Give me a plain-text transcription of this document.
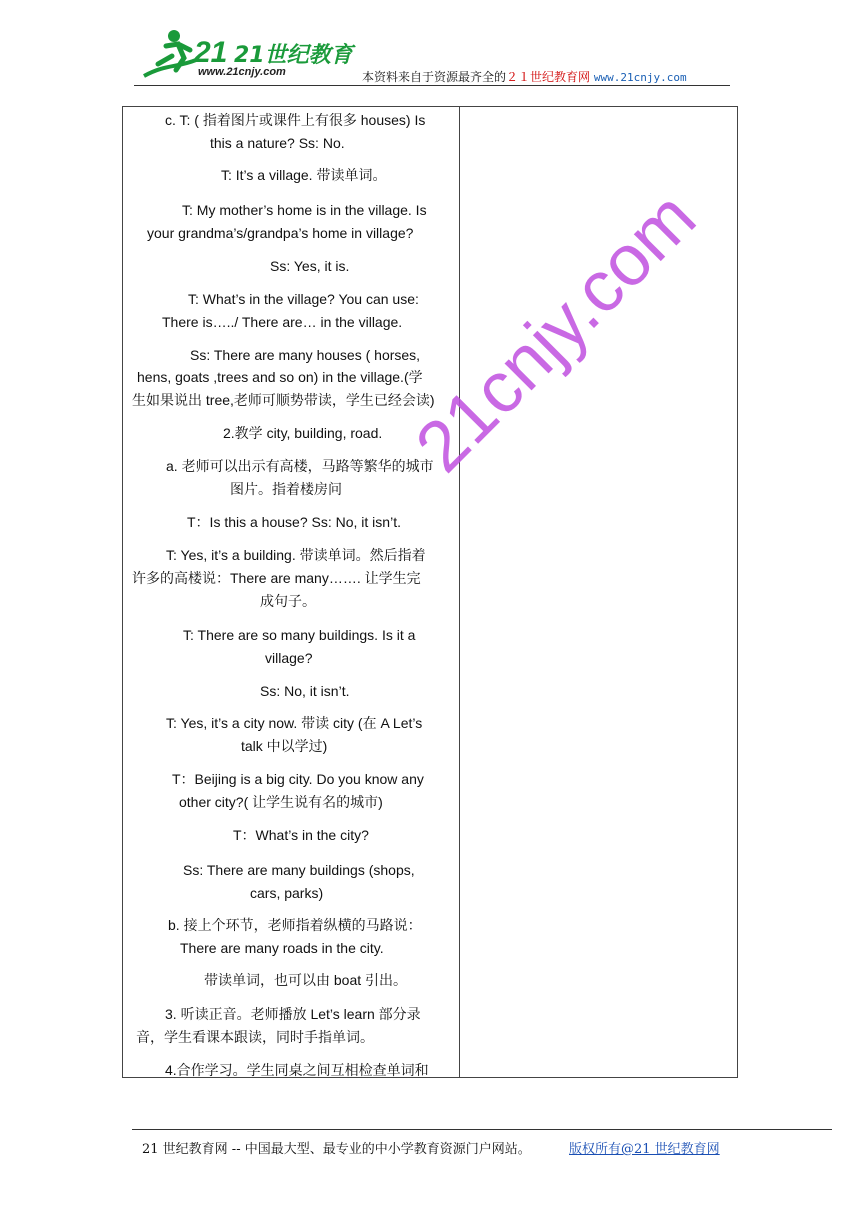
21 21世纪教育
www.21cnjy.com	本资料来自于资源最齐全的２１世纪教育网 www.21cnjy.com
c. T: ( 指着图片或课件上有很多 houses) Is
this a nature? Ss: No.
T: It’s a village. 带读单词。
T: My mother’s home is in the village. Is
your grandma’s/grandpa’s home in village?
Ss: Yes, it is.
T: What’s in the village? You can use:
There is…../ There are… in the village.
Ss: There are many houses ( horses,
hens, goats ,trees and so on) in the village.(学
生如果说出 tree,老师可顺势带读，学生已经会读)
2.教学 city, building, road.
a. 老师可以出示有高楼，马路等繁华的城市
图片。指着楼房问
T：Is this a house? Ss: No, it isn’t.
T: Yes, it’s a building. 带读单词。然后指着
许多的高楼说：There are many……. 让学生完
成句子。
T: There are so many buildings. Is it a
village?
Ss: No, it isn’t.
T: Yes, it’s a city now. 带读 city (在 A Let’s
talk 中以学过)
T：Beijing is a big city. Do you know any
other city?( 让学生说有名的城市)
T：What’s in the city?
Ss: There are many buildings (shops,
cars, parks)
b. 接上个环节，老师指着纵横的马路说：
There are many roads in the city.
带读单词，也可以由 boat 引出。
3. 听读正音。老师播放 Let’s learn 部分录
音，学生看课本跟读，同时手指单词。
4.合作学习。学生同桌之间互相检查单词和
21cnjy.com
21 世纪教育网 -- 中国最大型、最专业的中小学教育资源门户网站。	版权所有@21 世纪教育网
